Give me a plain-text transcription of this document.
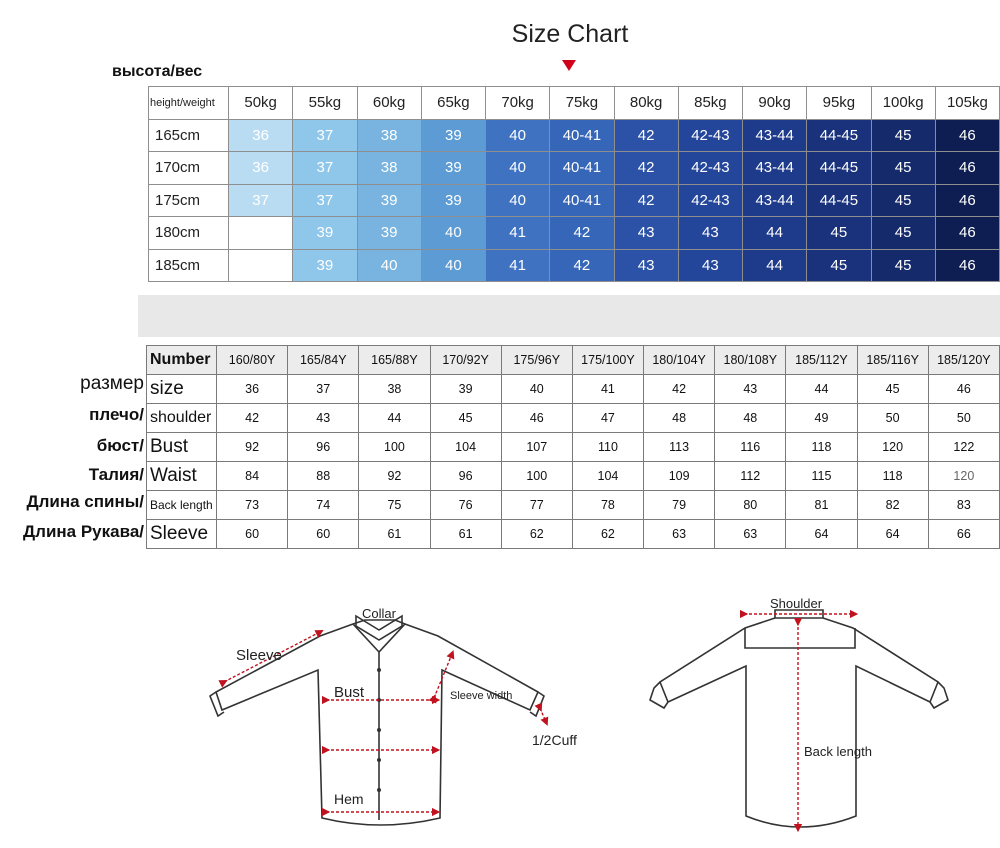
Size Chart
высота/вес
height/weight	50kg	55kg	60kg	65kg	70kg	75kg	80kg	85kg	90kg	95kg	100kg	105kg
165cm	36	37	38	39	40	40-41	42	42-43	43-44	44-45	45	46
170cm	36	37	38	39	40	40-41	42	42-43	43-44	44-45	45	46
175cm	37	37	39	39	40	40-41	42	42-43	43-44	44-45	45	46
180cm		39	39	40	41	42	43	43	44	45	45	46
185cm		39	40	40	41	42	43	43	44	45	45	46
размер
плечо/
бюст/
Талия/
Длина спины/
Длина Рукава/
Number	160/80Y	165/84Y	165/88Y	170/92Y	175/96Y	175/100Y	180/104Y	180/108Y	185/112Y	185/116Y	185/120Y
size	36	37	38	39	40	41	42	43	44	45	46
shoulder	42	43	44	45	46	47	48	48	49	50	50
Bust	92	96	100	104	107	110	113	116	118	120	122
Waist	84	88	92	96	100	104	109	112	115	118	120
Back length	73	74	75	76	77	78	79	80	81	82	83
Sleeve	60	60	61	61	62	62	63	63	64	64	66
Collar
Sleeve
Bust	Sleeve width
Hem
1/2Cuff
Shoulder
Back length
